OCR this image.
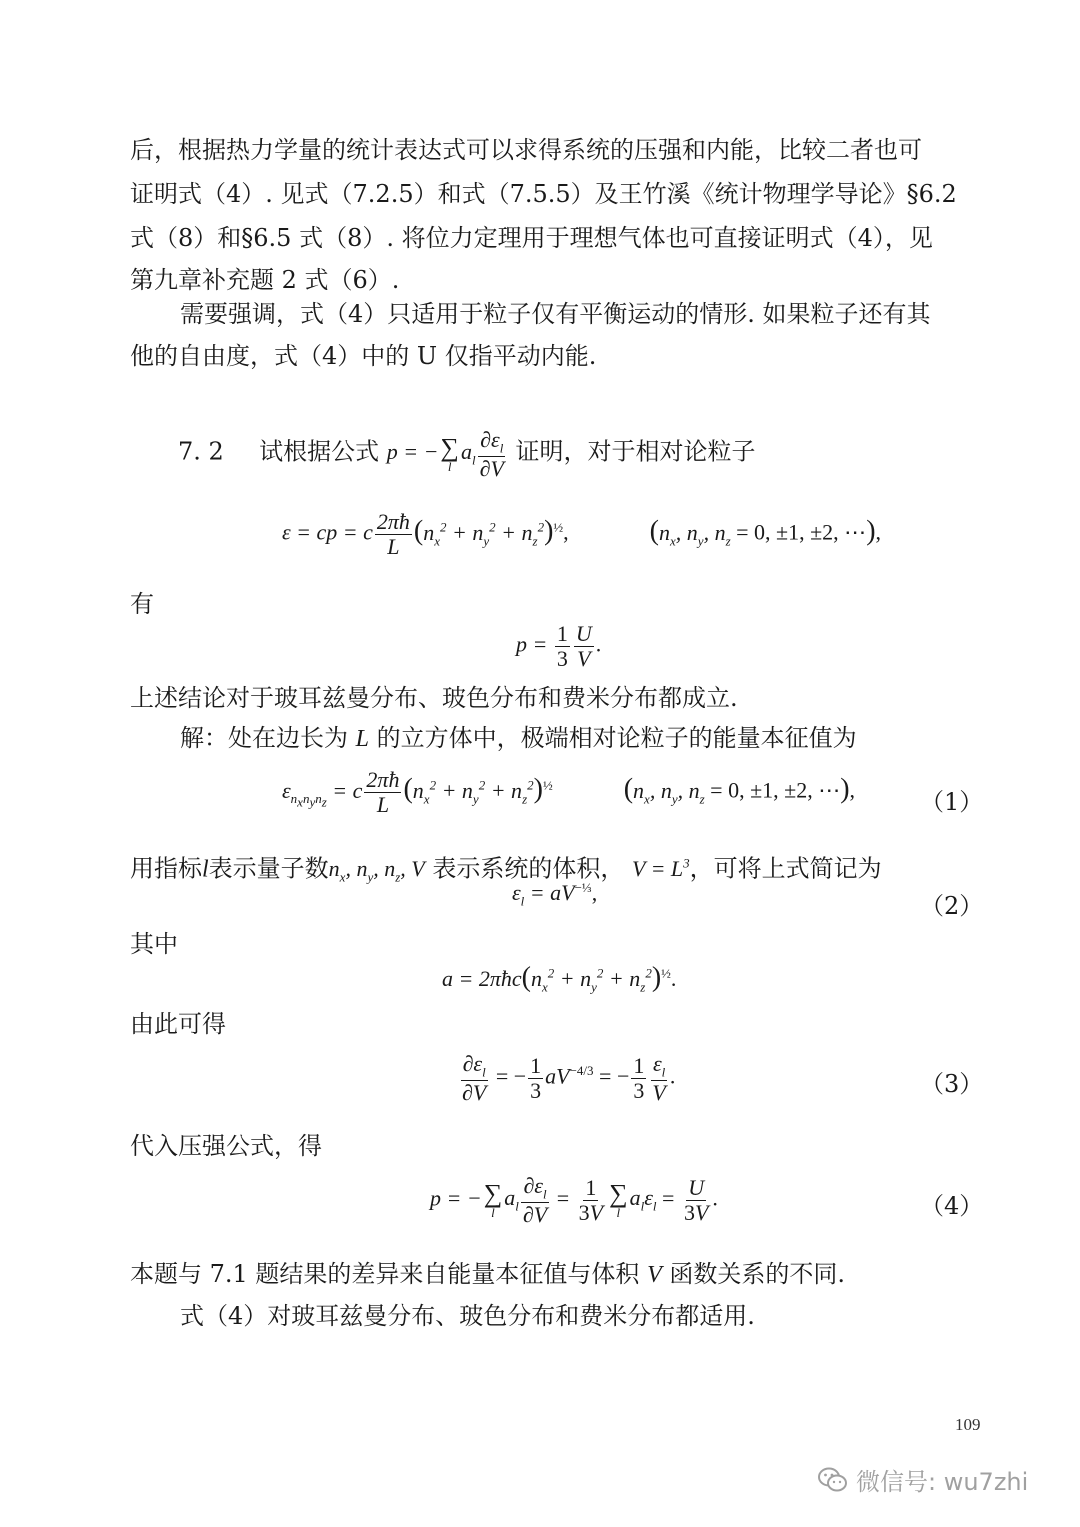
后，根据热力学量的统计表达式可以求得系统的压强和内能，比较二者也可
证明式（4）. 见式（7.2.5）和式（7.5.5）及王竹溪《统计物理学导论》§6.2
式（8）和§6.5 式（8）. 将位力定理用于理想气体也可直接证明式（4），见
第九章补充题 2 式（6）.
需要强调，式（4）只适用于粒子仅有平衡运动的情形. 如果粒子还有其
他的自由度，式（4）中的 U 仅指平动内能.
7. 2 试根据公式 p = − ∑
l
$a_l \frac{\partial\varepsilon_l}{\partial V}$ 证明，对于相对论粒子
ε = cp = c $\frac{2\pi ħ}{L} (n_x^2 + n_y^2 + n_z^2)^{\frac{1}{2}}$,	($n_x$, $n_y$, $n_z = 0$, ±1, ±2, ⋯),
有
$p = \frac{1}{3} \frac{U}{V}$ .
上述结论对于玻耳兹曼分布、玻色分布和费米分布都成立.
解：处在边长为 L 的立方体中，极端相对论粒子的能量本征值为
$\varepsilon_{n_xn_yn_z} = c \frac{2\pi ħ}{L} (n_x^2 + n_y^2 + n_z^2)^{\frac{1}{2}}$	($n_x$, $n_y$, $n_z = 0$, ±1, ±2, ⋯),	（1）
用指标l表示量子数$n_x$, $n_y$, $n_z$, V 表示系统的体积， $V = L^3$，可将上式简记为
$\varepsilon_l = aV^{-\frac{1}{3}}$,	（2）
其中
$a = 2\pi ħc(n_x^2 + n_y^2 + n_z^2)^{\frac{1}{2}}$.
由此可得
$\frac{\partial\varepsilon_l}{\partial V}$ = − $\frac{1}{3} aV^{-4/3}$ = − $\frac{1}{3} \frac{\varepsilon_l}{V}$ .	（3）
代入压强公式，得
p = − ∑
l
$a_l \frac{\partial\varepsilon_l}{\partial V} = \frac{1}{3V}$ ∑
l
$a_l\varepsilon_l = \frac{U}{3V}$ .	（4）
本题与 7.1 题结果的差异来自能量本征值与体积 V 函数关系的不同.
式（4）对玻耳兹曼分布、玻色分布和费米分布都适用.
109
微信号: wu7zhi
